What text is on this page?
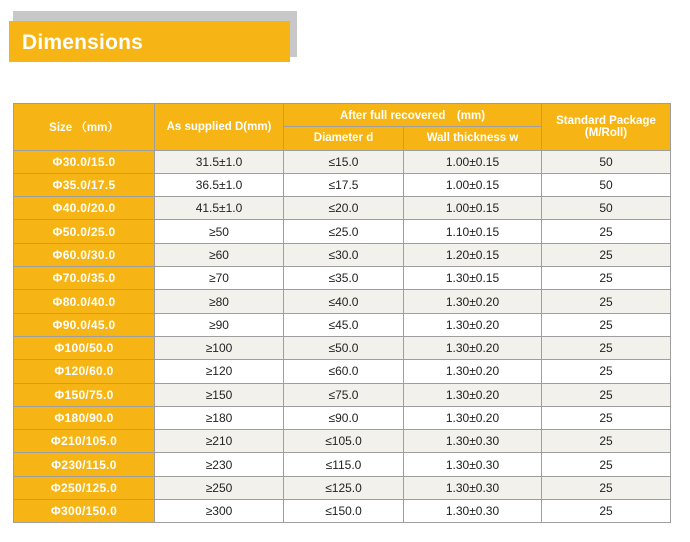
Dimensions
Size （mm）	As supplied D(mm)	After full recovered　(mm)		Standard Package (M/Roll)
		Diameter d	Wall thickness w	
Φ30.0/15.0	31.5±1.0	≤15.0	1.00±0.15	50
Φ35.0/17.5	36.5±1.0	≤17.5	1.00±0.15	50
Φ40.0/20.0	41.5±1.0	≤20.0	1.00±0.15	50
Φ50.0/25.0	≥50	≤25.0	1.10±0.15	25
Φ60.0/30.0	≥60	≤30.0	1.20±0.15	25
Φ70.0/35.0	≥70	≤35.0	1.30±0.15	25
Φ80.0/40.0	≥80	≤40.0	1.30±0.20	25
Φ90.0/45.0	≥90	≤45.0	1.30±0.20	25
Φ100/50.0	≥100	≤50.0	1.30±0.20	25
Φ120/60.0	≥120	≤60.0	1.30±0.20	25
Φ150/75.0	≥150	≤75.0	1.30±0.20	25
Φ180/90.0	≥180	≤90.0	1.30±0.20	25
Φ210/105.0	≥210	≤105.0	1.30±0.30	25
Φ230/115.0	≥230	≤115.0	1.30±0.30	25
Φ250/125.0	≥250	≤125.0	1.30±0.30	25
Φ300/150.0	≥300	≤150.0	1.30±0.30	25
